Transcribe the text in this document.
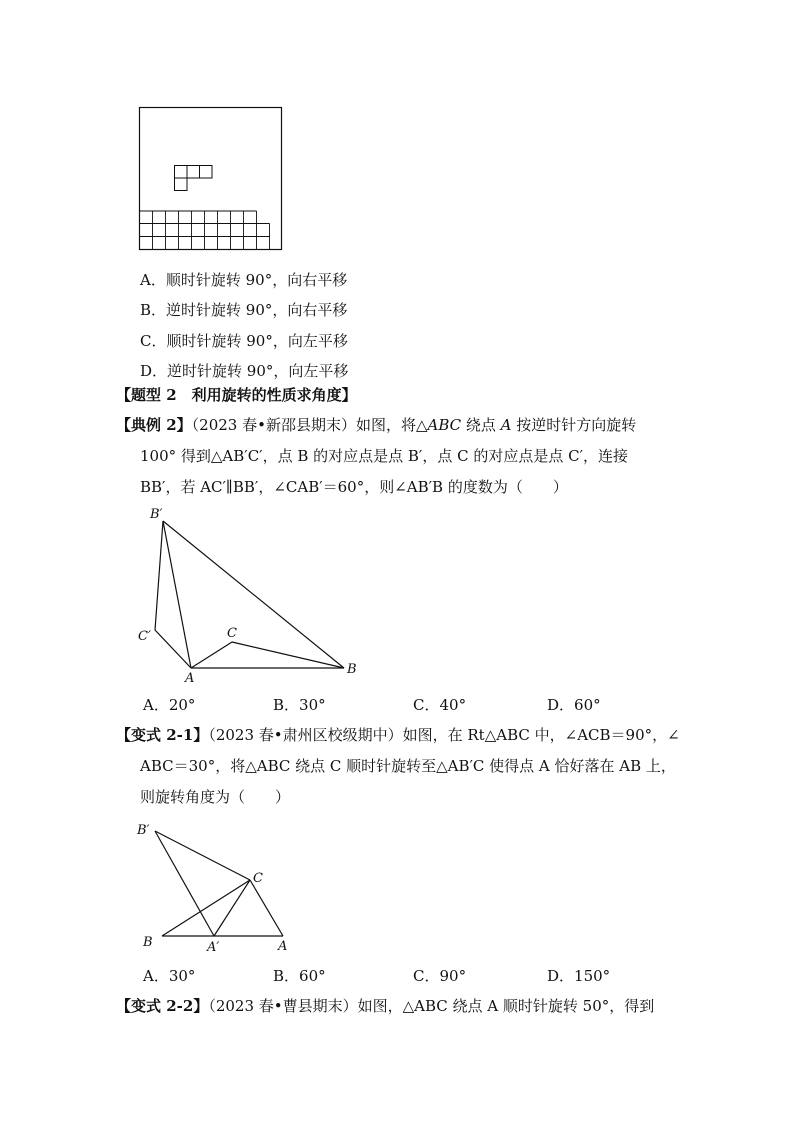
A．顺时针旋转 90°，向右平移
B．逆时针旋转 90°，向右平移
C．顺时针旋转 90°，向左平移
D．逆时针旋转 90°，向左平移
【题型 2　利用旋转的性质求角度】
【典例 2】（2023 春•新邵县期末）如图，将△ABC 绕点 A 按逆时针方向旋转
100° 得到△AB′C′，点 B 的对应点是点 B′，点 C 的对应点是点 C′，连接
BB′，若 AC′∥BB′，∠CAB′＝60°，则∠AB′B 的度数为（　　）
B′
C′	C
A
B
A．20°	B．30°	C．40°	D．60°
【变式 2-1】（2023 春•肃州区校级期中）如图，在 Rt△ABC 中，∠ACB＝90°，∠
ABC＝30°，将△ABC 绕点 C 顺时针旋转至△AB′C 使得点 A 恰好落在 AB 上，
则旋转角度为（　　）
B′
C
B	A′	A
A．30°	B．60°	C．90°	D．150°
【变式 2-2】（2023 春•曹县期末）如图，△ABC 绕点 A 顺时针旋转 50°，得到
